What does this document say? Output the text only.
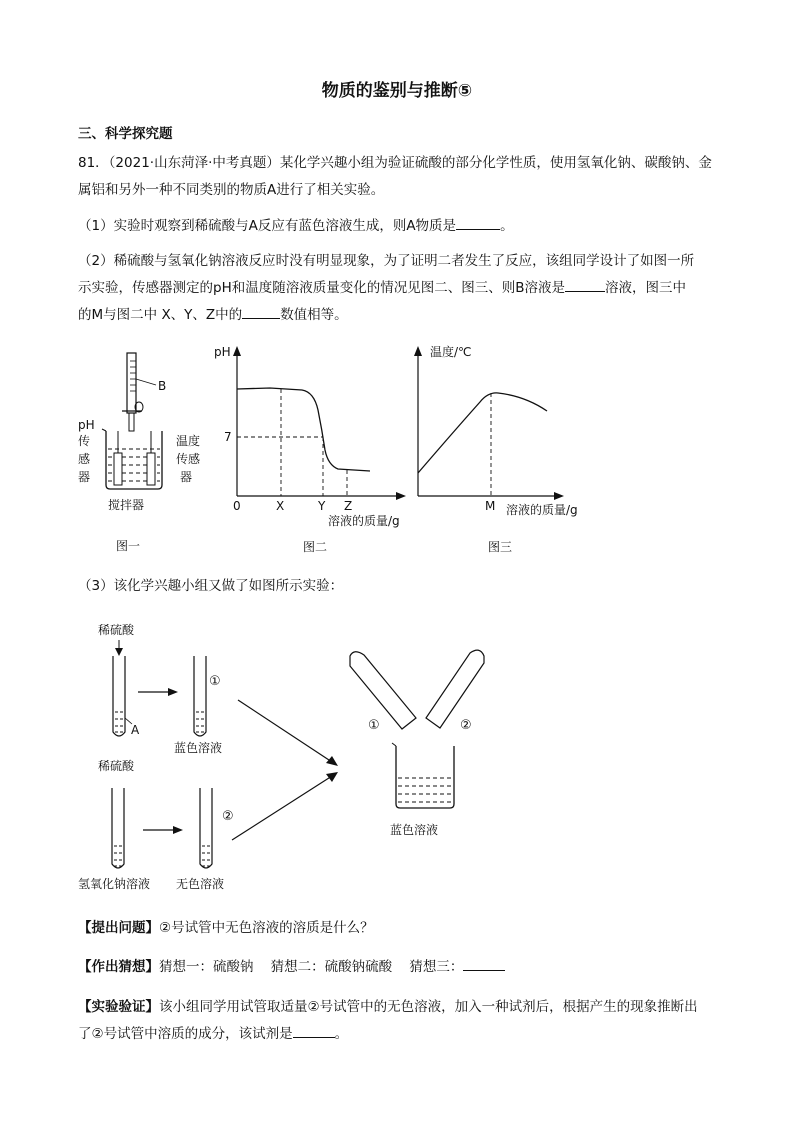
物质的鉴别与推断⑤
三、科学探究题
81．（2021·山东菏泽·中考真题）某化学兴趣小组为验证硫酸的部分化学性质，使用氢氧化钠、碳酸钠、金
属铝和另外一种不同类别的物质A进行了相关实验。
（1）实验时观察到稀硫酸与A反应有蓝色溶液生成，则A物质是	。
（2）稀硫酸与氢氧化钠溶液反应时没有明显现象，为了证明二者发生了反应，该组同学设计了如图一所
示实验，传感器测定的pH和温度随溶液质量变化的情况见图二、图三、则B溶液是	溶液，图三中
的M与图二中 X、Y、Z中的	数值相等。
B
pH
传
感
器
温度
传感
器
搅拌器
图一
pH
7
0	X	Y Z
溶液的质量/g
图二
温度/℃
M 溶液的质量/g
图三
（3）该化学兴趣小组又做了如图所示实验：
稀硫酸
A
①
蓝色溶液
稀硫酸
氢氧化钠溶液
②
无色溶液
①	②
蓝色溶液
【提出问题】②号试管中无色溶液的溶质是什么？
【作出猜想】猜想一：硫酸钠    猜想二：硫酸钠硫酸    猜想三：
【实验验证】该小组同学用试管取适量②号试管中的无色溶液，加入一种试剂后，根据产生的现象推断出
了②号试管中溶质的成分，该试剂是	。
